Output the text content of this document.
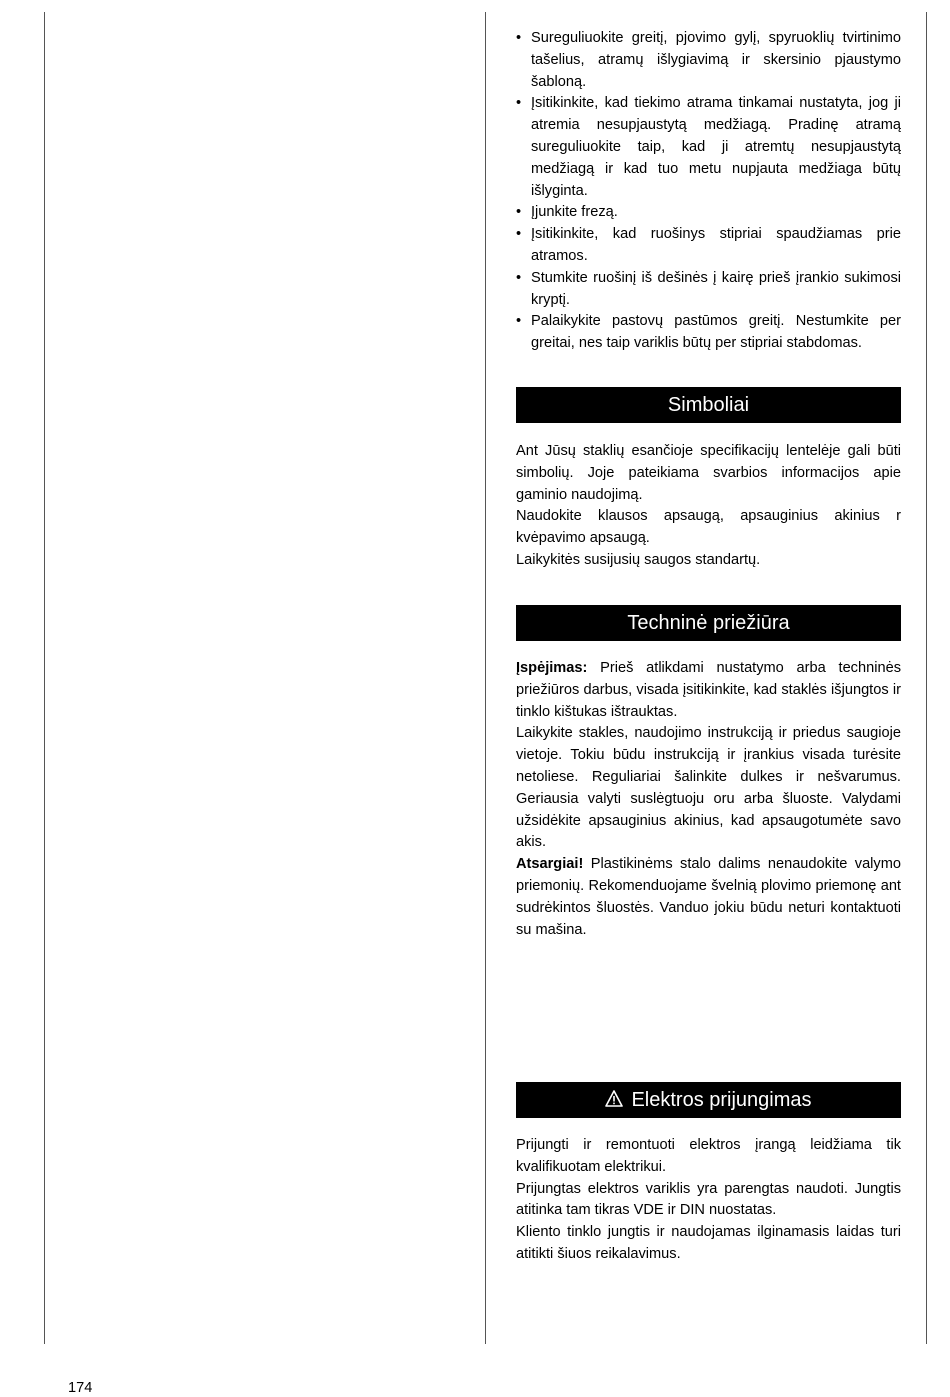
• Sureguliuokite greitį, pjovimo gylį, spyruoklių tvirtinimo tašelius, atramų išlygiavimą ir skersinio pjaustymo šabloną.
• Įsitikinkite, kad tiekimo atrama tinkamai nustatyta, jog ji atremia nesupjaustytą medžiagą. Pradinę atramą sureguliuokite taip, kad ji atremtų nesupjaustytą medžiagą ir kad tuo metu nupjauta medžiaga būtų išlyginta.
• Įjunkite frezą.
• Įsitikinkite, kad ruošinys stipriai spaudžiamas prie atramos.
• Stumkite ruošinį iš dešinės į kairę prieš įrankio sukimosi kryptį.
• Palaikykite pastovų pastūmos greitį. Nestumkite per greitai, nes taip variklis būtų per stipriai stabdomas.
Simboliai

Ant Jūsų staklių esančioje specifikacijų lentelėje gali būti simbolių. Joje pateikiama svarbios informacijos apie gaminio naudojimą.

Naudokite klausos apsaugą, apsauginius akinius r kvėpavimo apsaugą.

Laikykitės susijusių saugos standartų.

Techninė priežiūra

Įspėjimas: Prieš atlikdami nustatymo arba techninės priežiūros darbus, visada įsitikinkite, kad staklės išjungtos ir tinklo kištukas ištrauktas.

Laikykite stakles, naudojimo instrukciją ir priedus saugioje vietoje. Tokiu būdu instrukciją ir įrankius visada turėsite netoliese. Reguliariai šalinkite dulkes ir nešvarumus. Geriausia valyti suslėgtuoju oru arba šluoste. Valydami užsidėkite apsauginius akinius, kad apsaugotumėte savo akis.

Atsargiai! Plastikinėms stalo dalims nenaudokite valymo priemonių. Rekomenduojame švelnią plovimo priemonę ant sudrėkintos šluostės. Vanduo jokiu būdu neturi kontaktuoti su mašina.

Elektros prijungimas

Prijungti ir remontuoti elektros įrangą leidžiama tik kvalifikuotam elektrikui.

Prijungtas elektros variklis yra parengtas naudoti. Jungtis atitinka tam tikras VDE ir DIN nuostatas.

Kliento tinklo jungtis ir naudojamas ilginamasis laidas turi atitikti šiuos reikalavimus.

174
